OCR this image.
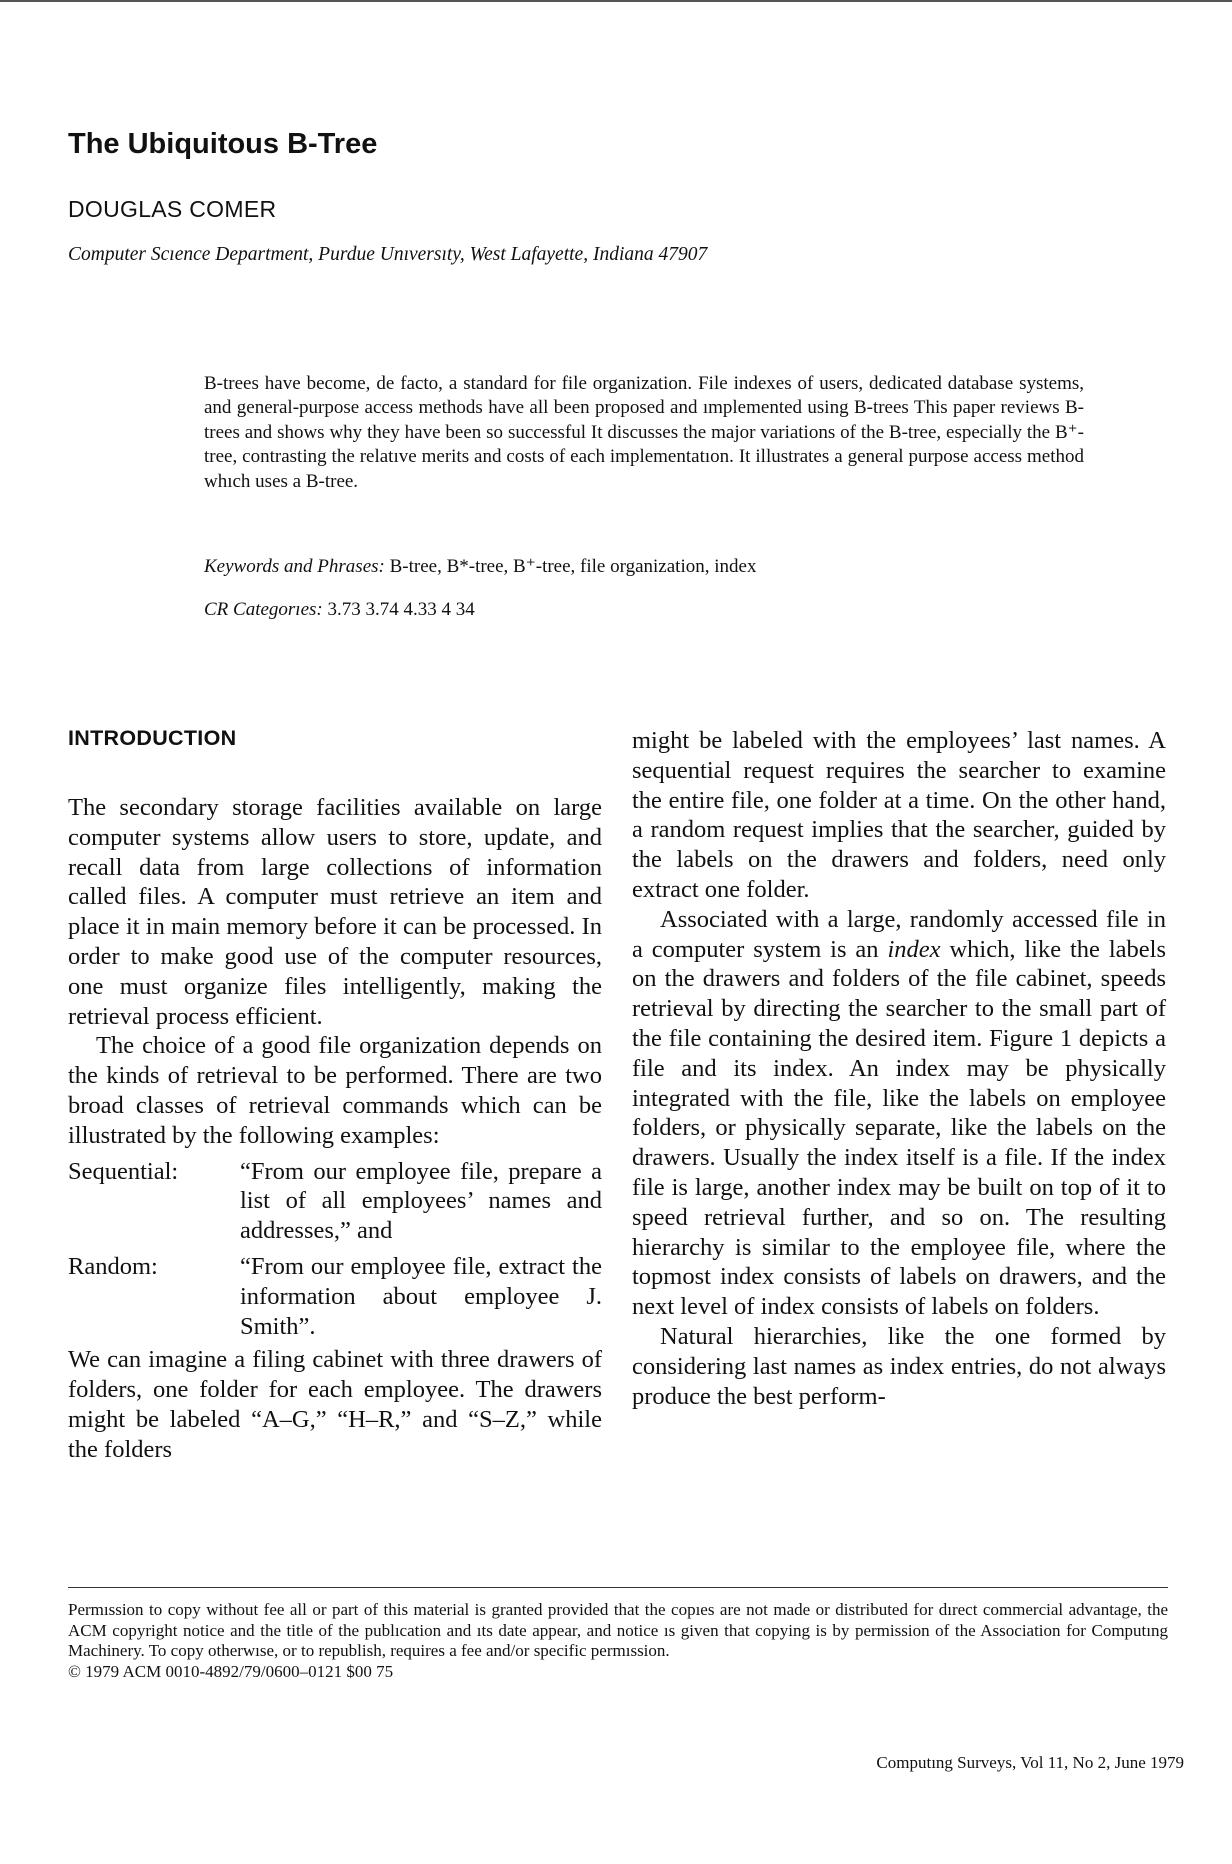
The Ubiquitous B-Tree
DOUGLAS COMER
Computer Scıence Department, Purdue Unıversıty, West Lafayette, Indiana 47907
B-trees have become, de facto, a standard for file organization. File indexes of users, dedicated database systems, and general-purpose access methods have all been proposed and ımplemented using B-trees This paper reviews B-trees and shows why they have been so successful It discusses the major variations of the B-tree, especially the B⁺-tree, contrasting the relatıve merits and costs of each implementatıon. It illustrates a general purpose access method whıch uses a B-tree.
Keywords and Phrases: B-tree, B*-tree, B⁺-tree, file organization, index
CR Categorıes: 3.73 3.74 4.33 4 34
INTRODUCTION

The secondary storage facilities available on large computer systems allow users to store, update, and recall data from large collections of information called files. A computer must retrieve an item and place it in main memory before it can be processed. In order to make good use of the computer resources, one must organize files intelligently, making the retrieval process efficient.

The choice of a good file organization depends on the kinds of retrieval to be performed. There are two broad classes of retrieval commands which can be illustrated by the following examples:

Sequential:	“From our employee file, prepare a list of all employees’ names and addresses,” and
Random:	“From our employee file, extract the information about employee J. Smith”.

We can imagine a filing cabinet with three drawers of folders, one folder for each employee. The drawers might be labeled “A–G,” “H–R,” and “S–Z,” while the folders

might be labeled with the employees’ last names. A sequential request requires the searcher to examine the entire file, one folder at a time. On the other hand, a random request implies that the searcher, guided by the labels on the drawers and folders, need only extract one folder.

Associated with a large, randomly accessed file in a computer system is an index which, like the labels on the drawers and folders of the file cabinet, speeds retrieval by directing the searcher to the small part of the file containing the desired item. Figure 1 depicts a file and its index. An index may be physically integrated with the file, like the labels on employee folders, or physically separate, like the labels on the drawers. Usually the index itself is a file. If the index file is large, another index may be built on top of it to speed retrieval further, and so on. The resulting hierarchy is similar to the employee file, where the topmost index consists of labels on drawers, and the next level of index consists of labels on folders.

Natural hierarchies, like the one formed by considering last names as index entries, do not always produce the best perform-

Permıssion to copy without fee all or part of this material is granted provided that the copıes are not made or distributed for dırect commercial advantage, the ACM copyright notice and the title of the publıcation and ıts date appear, and notice ıs given that copying is by permission of the Association for Computıng Machinery. To copy otherwıse, or to republish, requires a fee and/or specific permıssion.
© 1979 ACM 0010-4892/79/0600–0121 $00 75
Computıng Surveys, Vol 11, No 2, June 1979
